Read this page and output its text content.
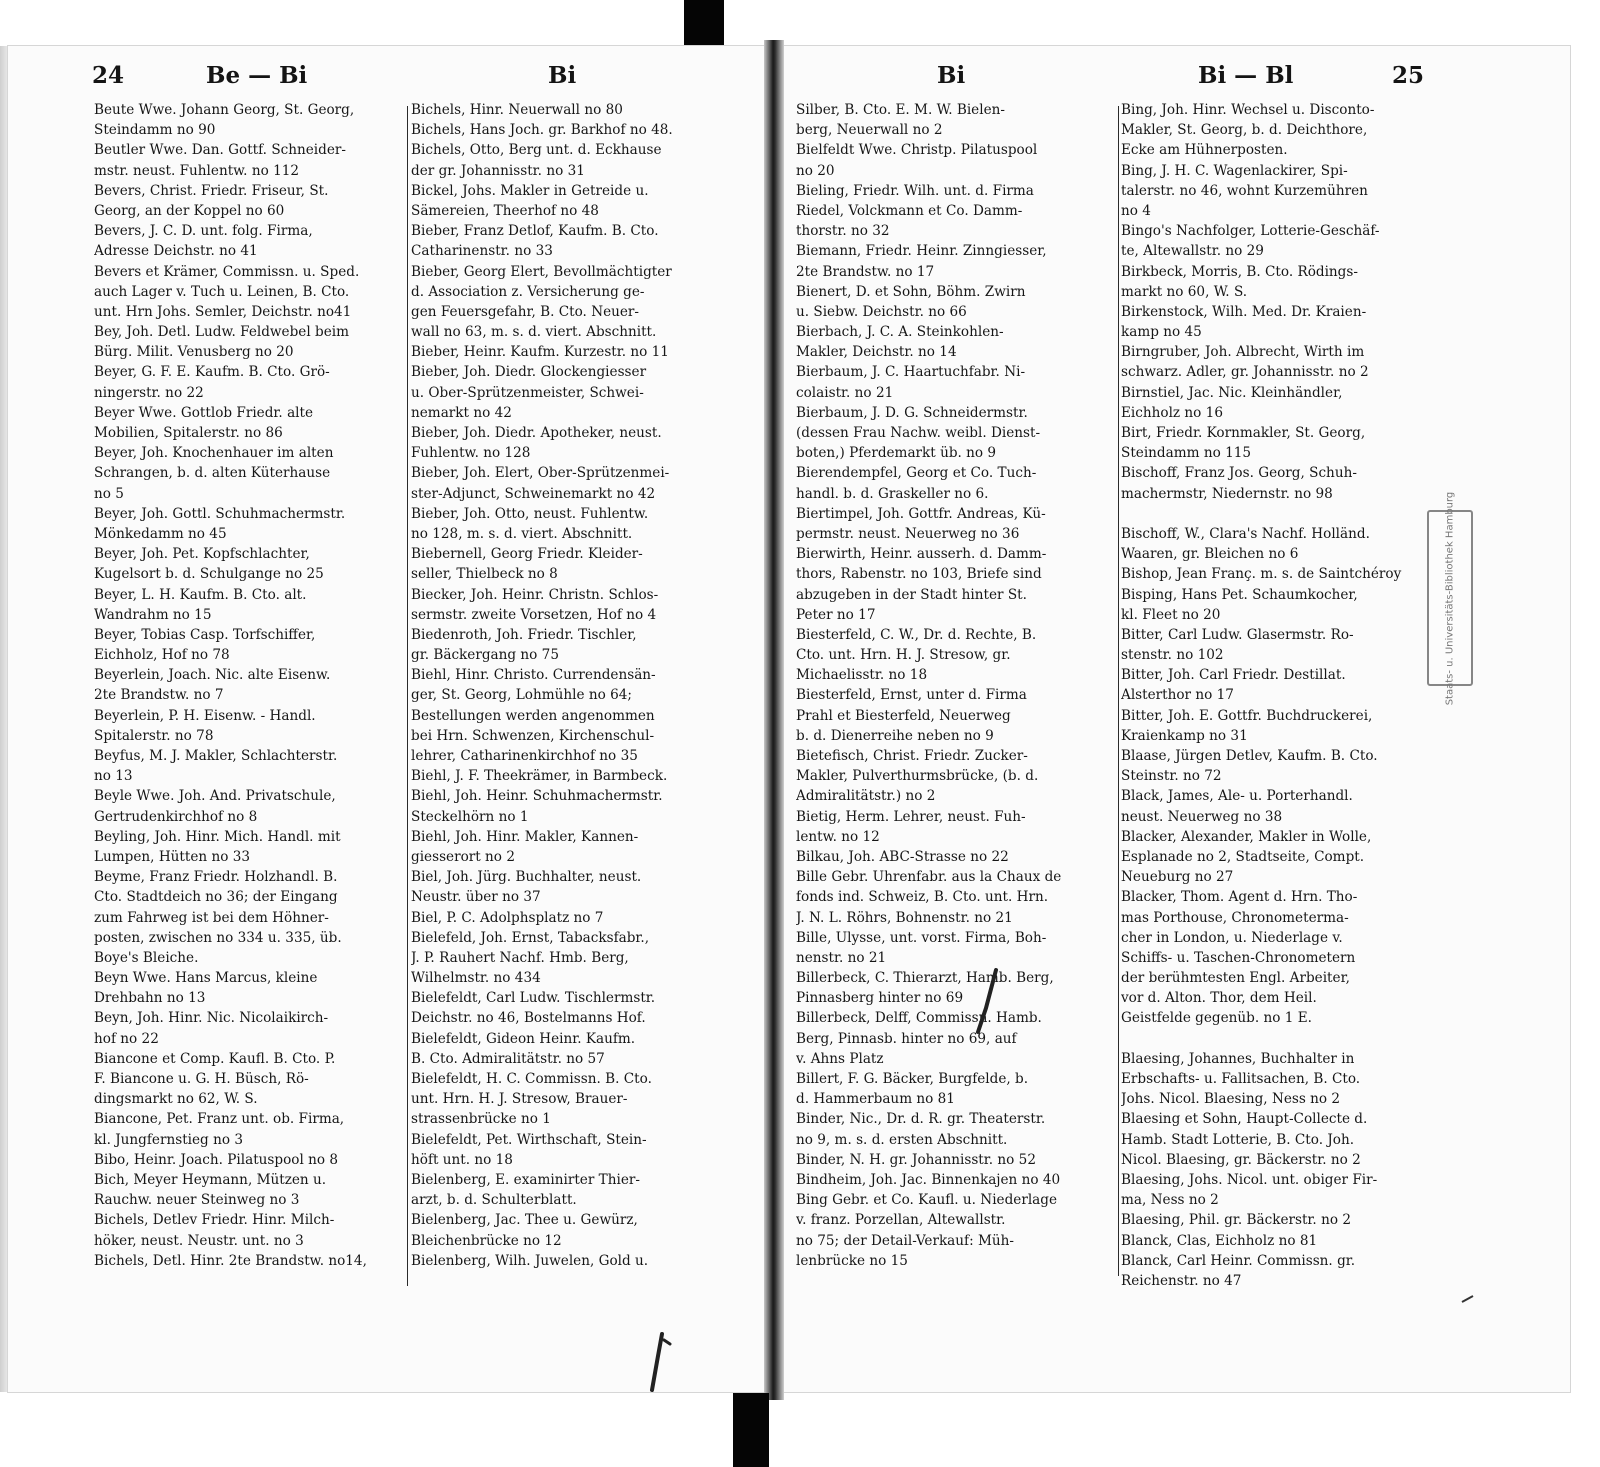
24	Be — Bi	Bi	Bi	Bi — Bl	25
Beute Wwe. Johann Georg, St. Georg,
Steindamm no 90
Beutler Wwe. Dan. Gottf. Schneider-
mstr. neust. Fuhlentw. no 112
Bevers, Christ. Friedr. Friseur, St.
Georg, an der Koppel no 60
Bevers, J. C. D. unt. folg. Firma,
Adresse Deichstr. no 41
Bevers et Krämer, Commissn. u. Sped.
auch Lager v. Tuch u. Leinen, B. Cto.
unt. Hrn Johs. Semler, Deichstr. no41
Bey, Joh. Detl. Ludw. Feldwebel beim
Bürg. Milit. Venusberg no 20
Beyer, G. F. E. Kaufm. B. Cto. Grö-
ningerstr. no 22
Beyer Wwe. Gottlob Friedr. alte
Mobilien, Spitalerstr. no 86
Beyer, Joh. Knochenhauer im alten
Schrangen, b. d. alten Küterhause
no 5
Beyer, Joh. Gottl. Schuhmachermstr.
Mönkedamm no 45
Beyer, Joh. Pet. Kopfschlachter,
Kugelsort b. d. Schulgange no 25
Beyer, L. H. Kaufm. B. Cto. alt.
Wandrahm no 15
Beyer, Tobias Casp. Torfschiffer,
Eichholz, Hof no 78
Beyerlein, Joach. Nic. alte Eisenw.
2te Brandstw. no 7
Beyerlein, P. H. Eisenw. - Handl.
Spitalerstr. no 78
Beyfus, M. J. Makler, Schlachterstr.
no 13
Beyle Wwe. Joh. And. Privatschule,
Gertrudenkirchhof no 8
Beyling, Joh. Hinr. Mich. Handl. mit
Lumpen, Hütten no 33
Beyme, Franz Friedr. Holzhandl. B.
Cto. Stadtdeich no 36; der Eingang
zum Fahrweg ist bei dem Höhner-
posten, zwischen no 334 u. 335, üb.
Boye's Bleiche.
Beyn Wwe. Hans Marcus, kleine
Drehbahn no 13
Beyn, Joh. Hinr. Nic. Nicolaikirch-
hof no 22
Biancone et Comp. Kaufl. B. Cto. P.
F. Biancone u. G. H. Büsch, Rö-
dingsmarkt no 62, W. S.
Biancone, Pet. Franz unt. ob. Firma,
kl. Jungfernstieg no 3
Bibo, Heinr. Joach. Pilatuspool no 8
Bich, Meyer Heymann, Mützen u.
Rauchw. neuer Steinweg no 3
Bichels, Detlev Friedr. Hinr. Milch-
höker, neust. Neustr. unt. no 3
Bichels, Detl. Hinr. 2te Brandstw. no14,
Bichels, Hinr. Neuerwall no 80
Bichels, Hans Joch. gr. Barkhof no 48.
Bichels, Otto, Berg unt. d. Eckhause
der gr. Johannisstr. no 31
Bickel, Johs. Makler in Getreide u.
Sämereien, Theerhof no 48
Bieber, Franz Detlof, Kaufm. B. Cto.
Catharinenstr. no 33
Bieber, Georg Elert, Bevollmächtigter
d. Association z. Versicherung ge-
gen Feuersgefahr, B. Cto. Neuer-
wall no 63, m. s. d. viert. Abschnitt.
Bieber, Heinr. Kaufm. Kurzestr. no 11
Bieber, Joh. Diedr. Glockengiesser
u. Ober-Sprützenmeister, Schwei-
nemarkt no 42
Bieber, Joh. Diedr. Apotheker, neust.
Fuhlentw. no 128
Bieber, Joh. Elert, Ober-Sprützenmei-
ster-Adjunct, Schweinemarkt no 42
Bieber, Joh. Otto, neust. Fuhlentw.
no 128, m. s. d. viert. Abschnitt.
Biebernell, Georg Friedr. Kleider-
seller, Thielbeck no 8
Biecker, Joh. Heinr. Christn. Schlos-
sermstr. zweite Vorsetzen, Hof no 4
Biedenroth, Joh. Friedr. Tischler,
gr. Bäckergang no 75
Biehl, Hinr. Christo. Currendensän-
ger, St. Georg, Lohmühle no 64;
Bestellungen werden angenommen
bei Hrn. Schwenzen, Kirchenschul-
lehrer, Catharinenkirchhof no 35
Biehl, J. F. Theekrämer, in Barmbeck.
Biehl, Joh. Heinr. Schuhmachermstr.
Steckelhörn no 1
Biehl, Joh. Hinr. Makler, Kannen-
giesserort no 2
Biel, Joh. Jürg. Buchhalter, neust.
Neustr. über no 37
Biel, P. C. Adolphsplatz no 7
Bielefeld, Joh. Ernst, Tabacksfabr.,
J. P. Rauhert Nachf. Hmb. Berg,
Wilhelmstr. no 434
Bielefeldt, Carl Ludw. Tischlermstr.
Deichstr. no 46, Bostelmanns Hof.
Bielefeldt, Gideon Heinr. Kaufm.
B. Cto. Admiralitätstr. no 57
Bielefeldt, H. C. Commissn. B. Cto.
unt. Hrn. H. J. Stresow, Brauer-
strassenbrücke no 1
Bielefeldt, Pet. Wirthschaft, Stein-
höft unt. no 18
Bielenberg, E. examinirter Thier-
arzt, b. d. Schulterblatt.
Bielenberg, Jac. Thee u. Gewürz,
Bleichenbrücke no 12
Bielenberg, Wilh. Juwelen, Gold u.
Silber, B. Cto. E. M. W. Bielen-
berg, Neuerwall no 2
Bielfeldt Wwe. Christp. Pilatuspool
no 20
Bieling, Friedr. Wilh. unt. d. Firma
Riedel, Volckmann et Co. Damm-
thorstr. no 32
Biemann, Friedr. Heinr. Zinngiesser,
2te Brandstw. no 17
Bienert, D. et Sohn, Böhm. Zwirn
u. Siebw. Deichstr. no 66
Bierbach, J. C. A. Steinkohlen-
Makler, Deichstr. no 14
Bierbaum, J. C. Haartuchfabr. Ni-
colaistr. no 21
Bierbaum, J. D. G. Schneidermstr.
(dessen Frau Nachw. weibl. Dienst-
boten,) Pferdemarkt üb. no 9
Bierendempfel, Georg et Co. Tuch-
handl. b. d. Graskeller no 6.
Biertimpel, Joh. Gottfr. Andreas, Kü-
permstr. neust. Neuerweg no 36
Bierwirth, Heinr. ausserh. d. Damm-
thors, Rabenstr. no 103, Briefe sind
abzugeben in der Stadt hinter St.
Peter no 17
Biesterfeld, C. W., Dr. d. Rechte, B.
Cto. unt. Hrn. H. J. Stresow, gr.
Michaelisstr. no 18
Biesterfeld, Ernst, unter d. Firma
Prahl et Biesterfeld, Neuerweg
b. d. Dienerreihe neben no 9
Bietefisch, Christ. Friedr. Zucker-
Makler, Pulverthurmsbrücke, (b. d.
Admiralitätstr.) no 2
Bietig, Herm. Lehrer, neust. Fuh-
lentw. no 12
Bilkau, Joh. ABC-Strasse no 22
Bille Gebr. Uhrenfabr. aus la Chaux de
fonds ind. Schweiz, B. Cto. unt. Hrn.
J. N. L. Röhrs, Bohnenstr. no 21
Bille, Ulysse, unt. vorst. Firma, Boh-
nenstr. no 21
Billerbeck, C. Thierarzt, Hamb. Berg,
Pinnasberg hinter no 69
Billerbeck, Delff, Commissn. Hamb.
Berg, Pinnasb. hinter no 69, auf
v. Ahns Platz
Billert, F. G. Bäcker, Burgfelde, b.
d. Hammerbaum no 81
Binder, Nic., Dr. d. R. gr. Theaterstr.
no 9, m. s. d. ersten Abschnitt.
Binder, N. H. gr. Johannisstr. no 52
Bindheim, Joh. Jac. Binnenkajen no 40
Bing Gebr. et Co. Kaufl. u. Niederlage
v. franz. Porzellan, Altewallstr.
no 75; der Detail-Verkauf: Müh-
lenbrücke no 15
Bing, Joh. Hinr. Wechsel u. Disconto-
Makler, St. Georg, b. d. Deichthore,
Ecke am Hühnerposten.
Bing, J. H. C. Wagenlackirer, Spi-
talerstr. no 46, wohnt Kurzemühren
no 4
Bingo's Nachfolger, Lotterie-Geschäf-
te, Altewallstr. no 29
Birkbeck, Morris, B. Cto. Rödings-
markt no 60, W. S.
Birkenstock, Wilh. Med. Dr. Kraien-
kamp no 45
Birngruber, Joh. Albrecht, Wirth im
schwarz. Adler, gr. Johannisstr. no 2
Birnstiel, Jac. Nic. Kleinhändler,
Eichholz no 16
Birt, Friedr. Kornmakler, St. Georg,
Steindamm no 115
Bischoff, Franz Jos. Georg, Schuh-
machermstr, Niedernstr. no 98
Bischoff, W., Clara's Nachf. Holländ.
Waaren, gr. Bleichen no 6
Bishop, Jean Franç. m. s. de Saintchéroy
Bisping, Hans Pet. Schaumkocher,
kl. Fleet no 20
Bitter, Carl Ludw. Glasermstr. Ro-
stenstr. no 102
Bitter, Joh. Carl Friedr. Destillat.
Alsterthor no 17
Bitter, Joh. E. Gottfr. Buchdruckerei,
Kraienkamp no 31
Blaase, Jürgen Detlev, Kaufm. B. Cto.
Steinstr. no 72
Black, James, Ale- u. Porterhandl.
neust. Neuerweg no 38
Blacker, Alexander, Makler in Wolle,
Esplanade no 2, Stadtseite, Compt.
Neueburg no 27
Blacker, Thom. Agent d. Hrn. Tho-
mas Porthouse, Chronometerma-
cher in London, u. Niederlage v.
Schiffs- u. Taschen-Chronometern
der berühmtesten Engl. Arbeiter,
vor d. Alton. Thor, dem Heil.
Geistfelde gegenüb. no 1 E.
Blaesing, Johannes, Buchhalter in
Erbschafts- u. Fallitsachen, B. Cto.
Johs. Nicol. Blaesing, Ness no 2
Blaesing et Sohn, Haupt-Collecte d.
Hamb. Stadt Lotterie, B. Cto. Joh.
Nicol. Blaesing, gr. Bäckerstr. no 2
Blaesing, Johs. Nicol. unt. obiger Fir-
ma, Ness no 2
Blaesing, Phil. gr. Bäckerstr. no 2
Blanck, Clas, Eichholz no 81
Blanck, Carl Heinr. Commissn. gr.
Reichenstr. no 47
Staats- u. Universitäts-Bibliothek Hamburg
